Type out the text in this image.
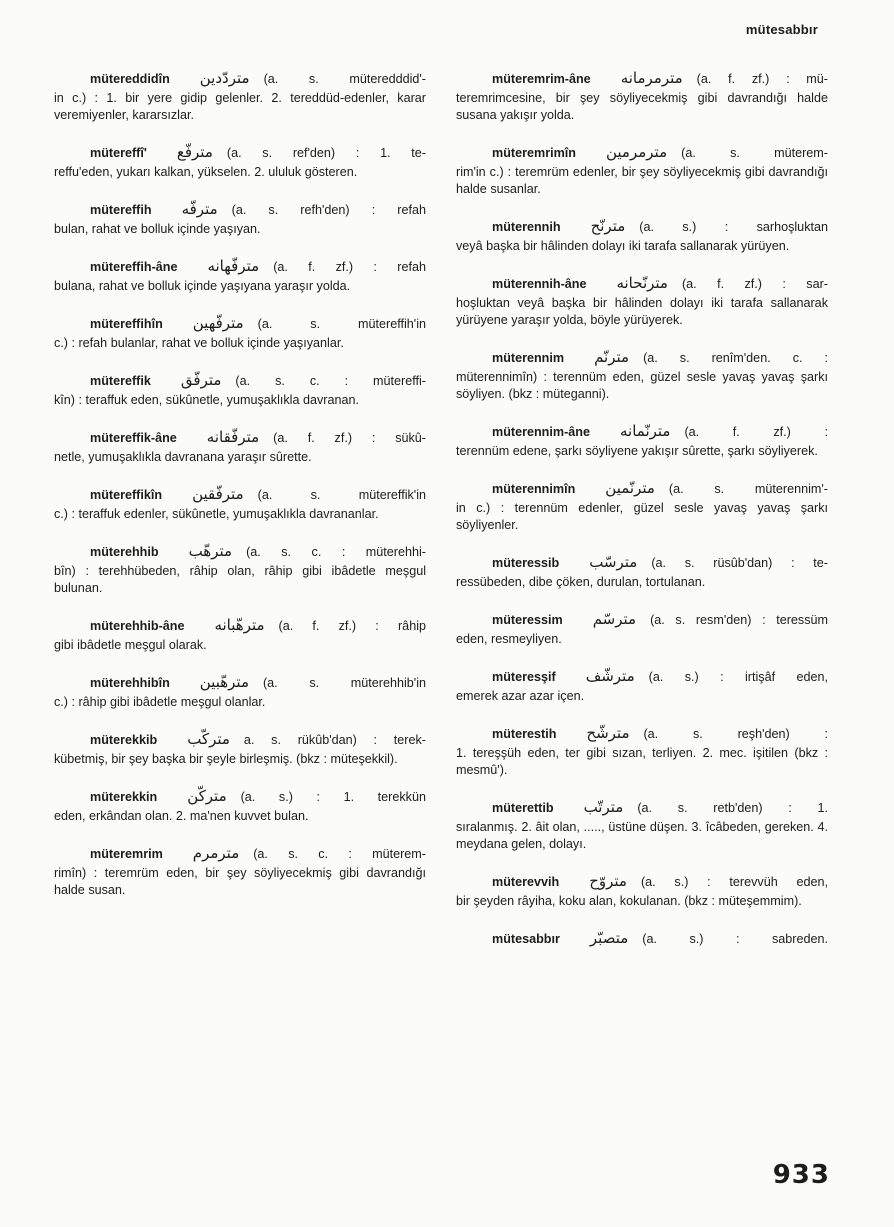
mütesabbır
mütereddidîn متردّدين (a. s. müteredddid'-

in c.) : 1. bir yere gidip gelenler. 2. tereddüd-edenler, karar veremiyenler, kararsızlar.

mütereffî' مترفّع (a. s. ref'den) : 1. te-

reffu'eden, yukarı kalkan, yükselen. 2. ululuk gösteren.

mütereffih مترفّه (a. s. refh'den) : refah

bulan, rahat ve bolluk içinde yaşıyan.

mütereffih-âne مترفّهانه (a. f. zf.) : refah

bulana, rahat ve bolluk içinde yaşıyana yaraşır yolda.

mütereffihîn مترفّهين (a. s. mütereffih'in

c.) : refah bulanlar, rahat ve bolluk içinde yaşıyanlar.

mütereffik مترفّق (a. s. c. : mütereffi-

kîn) : teraffuk eden, sükûnetle, yumuşaklıkla davranan.

mütereffik-âne مترفّقانه (a. f. zf.) : sükû-

netle, yumuşaklıkla davranana yaraşır sûrette.

mütereffikîn مترفّقين (a. s. mütereffik'in

c.) : teraffuk edenler, sükûnetle, yumuşaklıkla davrananlar.

müterehhib مترهّب (a. s. c. : müterehhi-

bîn) : terehhübeden, râhip olan, râhip gibi ibâdetle meşgul bulunan.

müterehhib-âne مترهّبانه (a. f. zf.) : râhip

gibi ibâdetle meşgul olarak.

müterehhibîn مترهّبين (a. s. müterehhib'in

c.) : râhip gibi ibâdetle meşgul olanlar.

müterekkib متركّب a. s. rükûb'dan) : terek-

kübetmiş, bir şey başka bir şeyle birleşmiş. (bkz : müteşekkil).

müterekkin متركّن (a. s.) : 1. terekkün

eden, erkândan olan. 2. ma'nen kuvvet bulan.

müteremrim مترمرم (a. s. c. : müterem-

rimîn) : teremrüm eden, bir şey söyliyecekmiş gibi davrandığı halde susan.

müteremrim-âne مترمرمانه (a. f. zf.) : mü-

teremrimcesine, bir şey söyliyecekmiş gibi davrandığı halde susana yakışır yolda.

müteremrimîn مترمرمين (a. s. müterem-

rim'in c.) : teremrüm edenler, bir şey söyliyecekmiş gibi davrandığı halde susanlar.

müterennih مترنّح (a. s.) : sarhoşluktan

veyâ başka bir hâlinden dolayı iki tarafa sallanarak yürüyen.

müterennih-âne مترنّحانه (a. f. zf.) : sar-

hoşluktan veyâ başka bir hâlinden dolayı iki tarafa sallanarak yürüyene yaraşır yolda, böyle yürüyerek.

müterennim مترنّم (a. s. renîm'den. c. :

müterennimîn) : terennüm eden, güzel sesle yavaş yavaş şarkı söyliyen. (bkz : müteganni).

müterennim-âne مترنّمانه (a. f. zf.) :

terennüm edene, şarkı söyliyene yakışır sûrette, şarkı söyliyerek.

müterennimîn مترنّمين (a. s. müterennim'-

in c.) : terennüm edenler, güzel sesle yavaş yavaş şarkı söyliyenler.

müteressib مترسّب (a. s. rüsûb'dan) : te-

ressübeden, dibe çöken, durulan, tortulanan.

müteressim مترسّم (a. s. resm'den) : teressüm

eden, resmeyliyen.

müteresşif مترشّف (a. s.) : irtişâf eden,

emerek azar azar içen.

müterestih مترشّح (a. s. reşh'den) :

1. tereşşüh eden, ter gibi sızan, terliyen. 2. mec. işitilen (bkz : mesmû').

müterettib مترتّب (a. s. retb'den) : 1.

sıralanmış. 2. âit olan, ....., üstüne düşen. 3. îcâbeden, gereken. 4. meydana gelen, dolayı.

müterevvih متروّح (a. s.) : terevvüh eden,

bir şeyden râyiha, koku alan, kokulanan. (bkz : müteşemmim).

mütesabbır متصبّر (a. s.) : sabreden.
933
